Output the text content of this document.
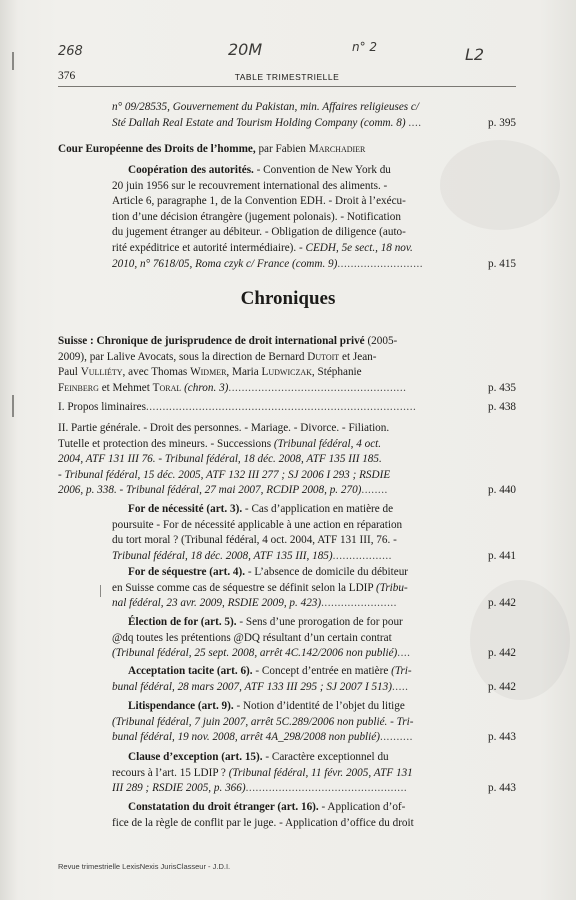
268	20M	n° 2	L2
376	TABLE TRIMESTRIELLE
n° 09/28535, Gouvernement du Pakistan, min. Affaires religieuses c/
Sté Dallah Real Estate and Tourism Holding Company (comm. 8) ....	p. 395
Cour Européenne des Droits de l’homme, par Fabien Marchadier
Coopération des autorités. - Convention de New York du
20 juin 1956 sur le recouvrement international des aliments. -
Article 6, paragraphe 1, de la Convention EDH. - Droit à l’exécu-
tion d’une décision étrangère (jugement polonais). - Notification
du jugement étranger au débiteur. - Obligation de diligence (auto-
rité expéditrice et autorité intermédiaire). - CEDH, 5e sect., 18 nov.
2010, n° 7618/05, Roma czyk c/ France (comm. 9)..........................	p. 415
Chroniques
Suisse : Chronique de jurisprudence de droit international privé (2005-
2009), par Lalive Avocats, sous la direction de Bernard Dutoit et Jean-
Paul Vulliéty, avec Thomas Widmer, Maria Ludwiczak, Stéphanie
Feinberg et Mehmet Toral (chron. 3)......................................................	p. 435
I. Propos liminaires..................................................................................	p. 438
II. Partie générale. - Droit des personnes. - Mariage. - Divorce. - Filiation.
Tutelle et protection des mineurs. - Successions (Tribunal fédéral, 4 oct.
2004, ATF 131 III 76. - Tribunal fédéral, 18 déc. 2008, ATF 135 III 185.
- Tribunal fédéral, 15 déc. 2005, ATF 132 III 277 ; SJ 2006 I 293 ; RSDIE
2006, p. 338. - Tribunal fédéral, 27 mai 2007, RCDIP 2008, p. 270)........	p. 440
For de nécessité (art. 3). - Cas d’application en matière de
poursuite - For de nécessité applicable à une action en réparation
du tort moral ? (Tribunal fédéral, 4 oct. 2004, ATF 131 III, 76. -
Tribunal fédéral, 18 déc. 2008, ATF 135 III, 185)..................	p. 441
For de séquestre (art. 4). - L’absence de domicile du débiteur
en Suisse comme cas de séquestre se définit selon la LDIP (Tribu-
nal fédéral, 23 avr. 2009, RSDIE 2009, p. 423).......................	p. 442
Élection de for (art. 5). - Sens d’une prorogation de for pour
@dq toutes les prétentions @DQ résultant d’un certain contrat
(Tribunal fédéral, 25 sept. 2008, arrêt 4C.142/2006 non publié)....	p. 442
Acceptation tacite (art. 6). - Concept d’entrée en matière (Tri-
bunal fédéral, 28 mars 2007, ATF 133 III 295 ; SJ 2007 I 513).....	p. 442
Litispendance (art. 9). - Notion d’identité de l’objet du litige
(Tribunal fédéral, 7 juin 2007, arrêt 5C.289/2006 non publié. - Tri-
bunal fédéral, 19 nov. 2008, arrêt 4A_298/2008 non publié)..........	p. 443
Clause d’exception (art. 15). - Caractère exceptionnel du
recours à l’art. 15 LDIP ? (Tribunal fédéral, 11 févr. 2005, ATF 131
III 289 ; RSDIE 2005, p. 366).................................................	p. 443
Constatation du droit étranger (art. 16). - Application d’of-
fice de la règle de conflit par le juge. - Application d’office du droit
Revue trimestrielle LexisNexis JurisClasseur - J.D.I.
